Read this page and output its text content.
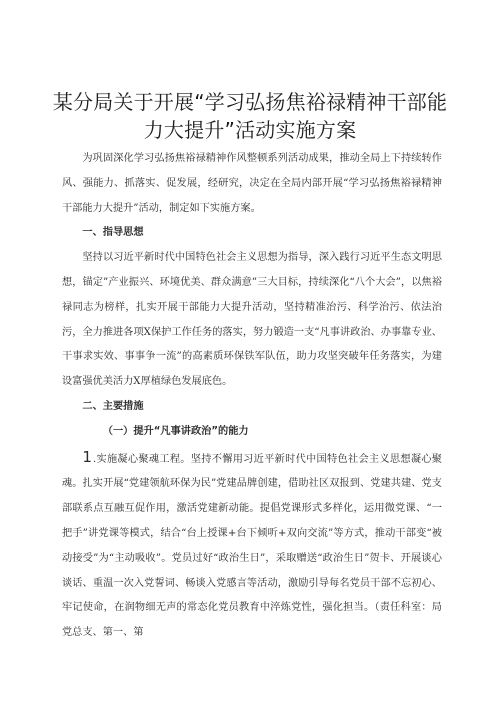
某分局关于开展“学习弘扬焦裕禄精神干部能
力大提升”活动实施方案

为巩固深化学习弘扬焦裕禄精神作风整顿系列活动成果，推动全局上下持续转作风、强能力、抓落实、促发展，经研究，决定在全局内部开展“学习弘扬焦裕禄精神干部能力大提升”活动，制定如下实施方案。

一、指导思想

坚持以习近平新时代中国特色社会主义思想为指导，深入践行习近平生态文明思想，锚定”产业振兴、环境优美、群众满意”三大目标，持续深化“八个大会”，以焦裕禄同志为榜样，扎实开展干部能力大提升活动，坚持精准治污、科学治污、依法治污，全力推进各项X保护工作任务的落实，努力锻造一支“凡事讲政治、办事靠专业、干事求实效、事事争一流”的高素质环保铁军队伍，助力攻坚突破年任务落实，为建设富强优美活力X厚植绿色发展底色。

二、主要措施

（一）提升“凡事讲政治”的能力

1.实施凝心聚魂工程。坚持不懈用习近平新时代中国特色社会主义思想凝心聚魂。扎实开展“党建领航环保为民”党建品牌创建，借助社区双报到、党建共建、党支部联系点互融互促作用，激活党建新动能。提倡党课形式多样化，运用微党课、“一把手”讲党课等模式，结合“台上授课+台下倾听+双向交流”等方式，推动干部变“被动接受”为“主动吸收”。党员过好“政治生日”，采取赠送“政治生日”贺卡、开展谈心谈话、重温一次入党誓词、畅谈入党感言等活动，激励引导每名党员干部不忘初心、牢记使命，在润物细无声的常态化党员教育中淬炼党性，强化担当。（责任科室：局党总支、第一、第
